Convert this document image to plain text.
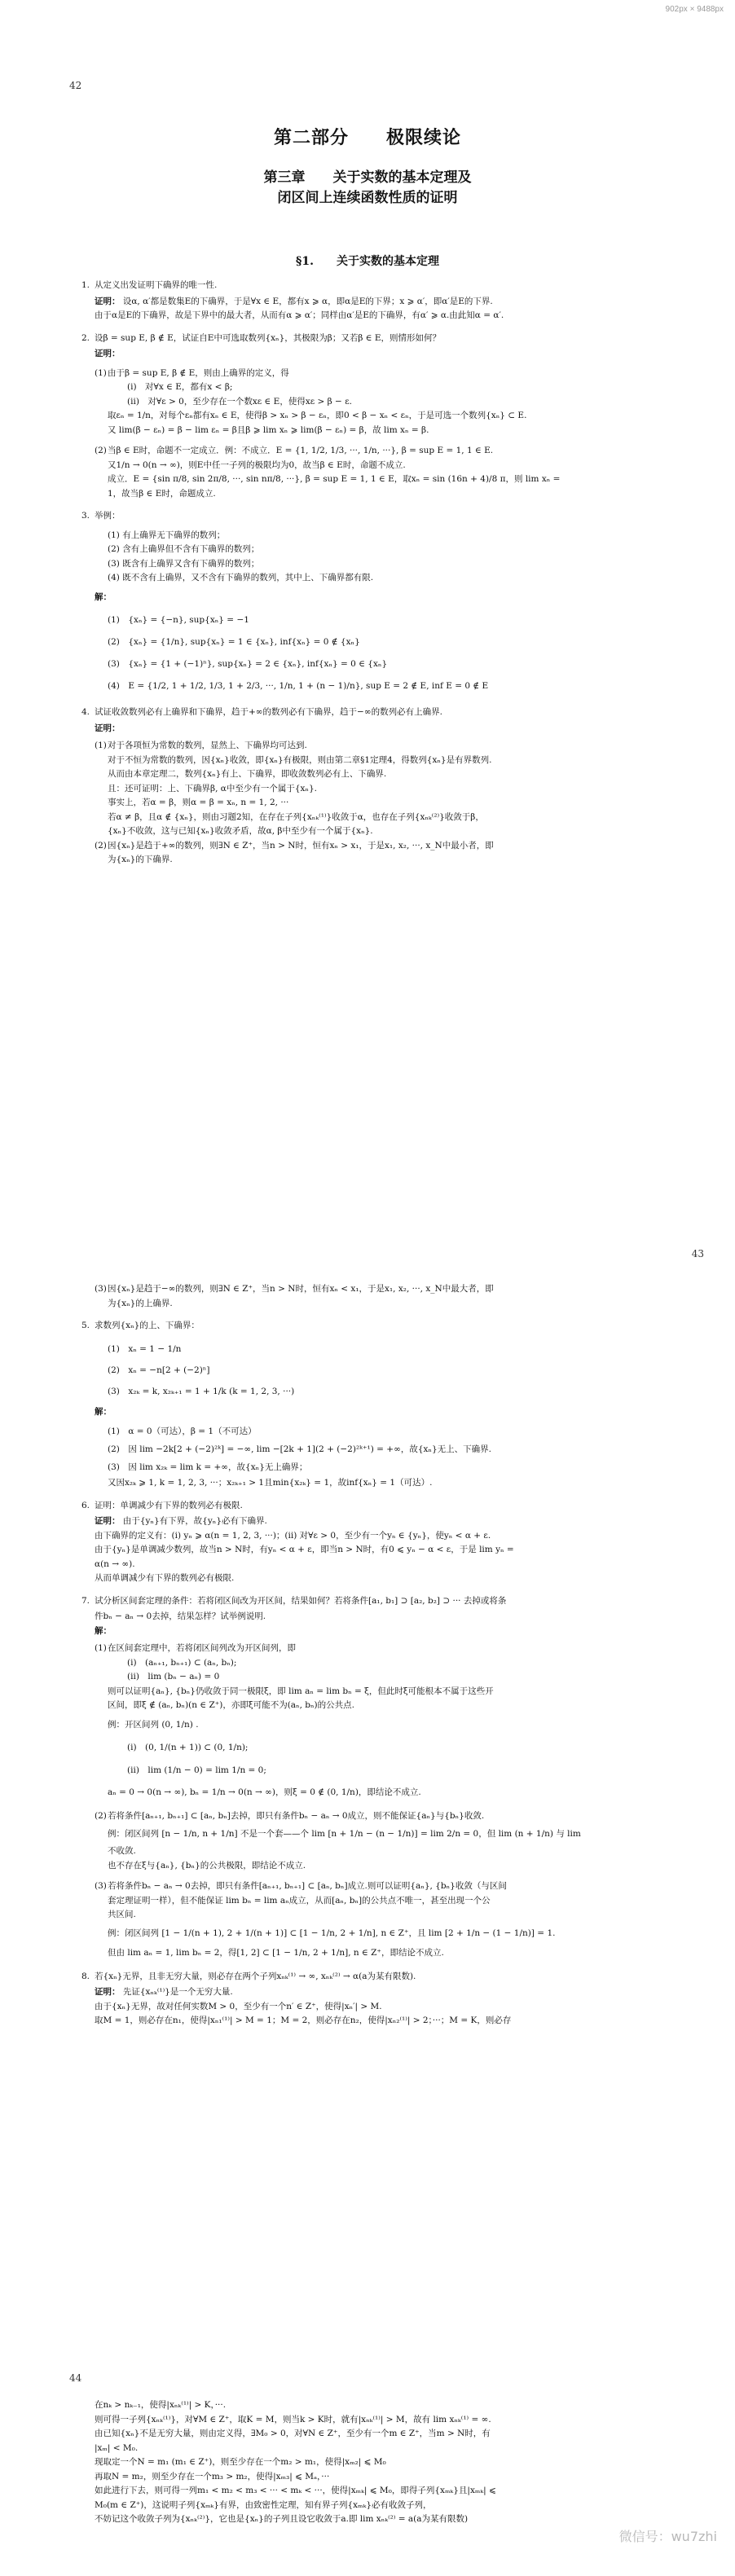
902px × 9488px
42
第二部分　　极限续论
第三章　　关于实数的基本定理及
闭区间上连续函数性质的证明
§1.　　关于实数的基本定理
1. 从定义出发证明下确界的唯一性.

证明： 设α, α′都是数集E的下确界，于是∀x ∈ E，都有x ⩾ α，即α是E的下界；x ⩾ α′，即α′是E的下界.

由于α是E的下确界，故是下界中的最大者，从而有α ⩾ α′；同样由α′是E的下确界，有α′ ⩾ α.由此知α = α′.

2. 设β = sup E, β ∉ E，试证自E中可选取数列{xₙ}，其极限为β；又若β ∈ E，则情形如何？

证明：

(1) 由于β = sup E, β ∉ E，则由上确界的定义，得

(i)　对∀x ∈ E，都有x < β;

(ii)　对∀ε > 0，至少存在一个数xε ∈ E，使得xε > β − ε.

取εₙ = 1/n，对每个εₙ都有xₙ ∈ E，使得β > xₙ > β − εₙ，即0 < β − xₙ < εₙ，于是可选一个数列{xₙ} ⊂ E.

又 lim(β − εₙ) = β − lim εₙ = β且β ⩾ lim xₙ ⩾ lim(β − εₙ) = β，故 lim xₙ = β.

(2) 当β ∈ E时，命题不一定成立．例：不成立．E = {1, 1/2, 1/3, ···, 1/n, ···}, β = sup E = 1, 1 ∈ E.

又1/n → 0(n → ∞)，则E中任一子列的极限均为0，故当β ∈ E时，命题不成立.

成立．E = {sin π/8, sin 2π/8, ···, sin nπ/8, ···}, β = sup E = 1, 1 ∈ E，取xₙ = sin (16n + 4)/8 π，则 lim xₙ =

1，故当β ∈ E时，命题成立.

3. 举例：

(1) 有上确界无下确界的数列；

(2) 含有上确界但不含有下确界的数列；

(3) 既含有上确界又含有下确界的数列；

(4) 既不含有上确界，又不含有下确界的数列，其中上、下确界都有限.

解：

(1)　{xₙ} = {−n}, sup{xₙ} = −1

(2)　{xₙ} = {1/n}, sup{xₙ} = 1 ∈ {xₙ}, inf{xₙ} = 0 ∉ {xₙ}

(3)　{xₙ} = {1 + (−1)ⁿ}, sup{xₙ} = 2 ∈ {xₙ}, inf{xₙ} = 0 ∈ {xₙ}

(4)　E = {1/2, 1 + 1/2, 1/3, 1 + 2/3, ···, 1/n, 1 + (n − 1)/n}, sup E = 2 ∉ E, inf E = 0 ∉ E

4. 试证收敛数列必有上确界和下确界，趋于+∞的数列必有下确界，趋于−∞的数列必有上确界.

证明：

(1) 对于各项恒为常数的数列，显然上、下确界均可达到.

对于不恒为常数的数列，因{xₙ}收敛，即{xₙ}有极限，则由第二章§1定理4，得数列{xₙ}是有界数列.

从而由本章定理二，数列{xₙ}有上、下确界，即收敛数列必有上、下确界.

且：还可证明：上、下确界β, α中至少有一个属于{xₙ}.

事实上，若α = β，则α = β = xₙ, n = 1, 2, ···

若α ≠ β，且α ∉ {xₙ}，则由习题2知，在存在子列{xₙₖ⁽¹⁾}收敛于α，也存在子列{xₙₖ⁽²⁾}收敛于β，

{xₙ}不收敛，这与已知{xₙ}收敛矛盾，故α, β中至少有一个属于{xₙ}.

(2) 因{xₙ}是趋于+∞的数列，则∃N ∈ Z⁺，当n > N时，恒有xₙ > x₁，于是x₁, x₂, ···, x_N中最小者，即

为{xₙ}的下确界.

43

(3) 因{xₙ}是趋于−∞的数列，则∃N ∈ Z⁺，当n > N时，恒有xₙ < x₁，于是x₁, x₂, ···, x_N中最大者，即

为{xₙ}的上确界.

5. 求数列{xₙ}的上、下确界：

(1)　xₙ = 1 − 1/n

(2)　xₙ = −n[2 + (−2)ⁿ]

(3)　x₂ₖ = k, x₂ₖ₊₁ = 1 + 1/k (k = 1, 2, 3, ···)

解：

(1)　α = 0（可达），β = 1（不可达）

(2)　因 lim −2k[2 + (−2)²ᵏ] = −∞, lim −[2k + 1](2 + (−2)²ᵏ⁺¹) = +∞，故{xₙ}无上、下确界.

(3)　因 lim x₂ₖ = lim k = +∞，故{xₙ}无上确界；

又因x₂ₖ ⩾ 1, k = 1, 2, 3, ···；x₂ₖ₊₁ > 1且min{x₂ₖ} = 1，故inf{xₙ} = 1（可达）.

6. 证明：单调减少有下界的数列必有极限.

证明： 由于{yₙ}有下界，故{yₙ}必有下确界.

由下确界的定义有：(i) yₙ ⩾ α(n = 1, 2, 3, ···)；(ii) 对∀ε > 0，至少有一个yₙ ∈ {yₙ}，使yₙ < α + ε.

由于{yₙ}是单调减少数列，故当n > N时，有yₙ < α + ε，即当n > N时，有0 ⩽ yₙ − α < ε，于是 lim yₙ =

α(n → ∞).

从而单调减少有下界的数列必有极限.

7. 试分析区间套定理的条件：若将闭区间改为开区间，结果如何？若将条件[a₁, b₁] ⊃ [a₂, b₂] ⊃ ··· 去掉或将条

件bₙ − aₙ → 0去掉，结果怎样？试举例说明.

解：

(1) 在区间套定理中，若将闭区间列改为开区间列，即

(i)　(aₙ₊₁, bₙ₊₁) ⊂ (aₙ, bₙ);

(ii)　lim (bₙ − aₙ) = 0

则可以证明{aₙ}, {bₙ}仍收敛于同一极限ξ，即 lim aₙ = lim bₙ = ξ，但此时ξ可能根本不属于这些开

区间，即ξ ∉ (aₙ, bₙ)(n ∈ Z⁺)，亦即ξ可能不为(aₙ, bₙ)的公共点.

例：开区间列 (0, 1/n) .

(i)　(0, 1/(n + 1)) ⊂ (0, 1/n);

(ii)　lim (1/n − 0) = lim 1/n = 0;

aₙ = 0 → 0(n → ∞), bₙ = 1/n → 0(n → ∞)，则ξ = 0 ∉ (0, 1/n)，即结论不成立.

(2) 若将条件[aₙ₊₁, bₙ₊₁] ⊂ [aₙ, bₙ]去掉，即只有条件bₙ − aₙ → 0成立，则不能保证{aₙ}与{bₙ}收敛.

例：闭区间列 [n − 1/n, n + 1/n] 不是一个套——个 lim [n + 1/n − (n − 1/n)] = lim 2/n = 0，但 lim (n + 1/n) 与 lim

不收敛.

也不存在ξ与{aₙ}, {bₙ}的公共极限，即结论不成立.

(3) 若将条件bₙ − aₙ → 0去掉，即只有条件[aₙ₊₁, bₙ₊₁] ⊂ [aₙ, bₙ]成立.则可以证明{aₙ}, {bₙ}收敛（与区间

套定理证明一样），但不能保证 lim bₙ = lim aₙ成立，从而[aₙ, bₙ]的公共点不唯一，甚至出现一个公

共区间.

例：闭区间列 [1 − 1/(n + 1), 2 + 1/(n + 1)] ⊂ [1 − 1/n, 2 + 1/n], n ∈ Z⁺，且 lim [2 + 1/n − (1 − 1/n)] = 1.

但由 lim aₙ = 1, lim bₙ = 2，得[1, 2] ⊂ [1 − 1/n, 2 + 1/n], n ∈ Z⁺，即结论不成立.

8. 若{xₙ}无界，且非无穷大量，则必存在两个子列xₙₖ⁽¹⁾ → ∞, xₙₖ⁽²⁾ → α(a为某有限数).

证明： 先证{xₙₖ⁽¹⁾}是一个无穷大量.

由于{xₙ}无界，故对任何实数M > 0，至少有一个n′ ∈ Z⁺，使得|xₙ′| > M.

取M = 1，则必存在n₁，使得|xₙ₁⁽¹⁾| > M = 1；M = 2，则必存在n₂，使得|xₙ₂⁽¹⁾| > 2；···；M = K，则必存

44

在nₖ > nₖ₋₁，使得|xₙₖ⁽¹⁾| > K，···.

则可得一子列{xₙₖ⁽¹⁾}，对∀M ∈ Z⁺，取K = M，则当k > K时，就有|xₙₖ⁽¹⁾| > M，故有 lim xₙₖ⁽¹⁾ = ∞.

由已知{xₙ}不是无穷大量，则由定义得，∃M₀ > 0，对∀N ∈ Z⁺，至少有一个m ∈ Z⁺，当m > N时，有

|xₘ| < M₀.

现取定一个N = m₁ (m₁ ∈ Z⁺)，则至少存在一个m₂ > m₁，使得|xₘ₂| ⩽ M₀

再取N = m₂，则至少存在一个m₃ > m₂，使得|xₘ₃| ⩽ Mₐ，···

如此进行下去，则可得一列m₁ < m₂ < m₃ < ··· < mₖ < ···，使得|xₘₖ| ⩽ M₀，即得子列{xₘₖ}且|xₘₖ| ⩽

M₀(m ∈ Z⁺)，这说明子列{xₘₖ}有界，由致密性定理，知有界子列{xₘₖ}必有收敛子列，

不妨记这个收敛子列为{xₙₖ⁽²⁾}，它也是{xₙ}的子列且设它收敛于a.即 lim xₙₖ⁽²⁾ = a(a为某有限数)

微信号：wu7zhi
